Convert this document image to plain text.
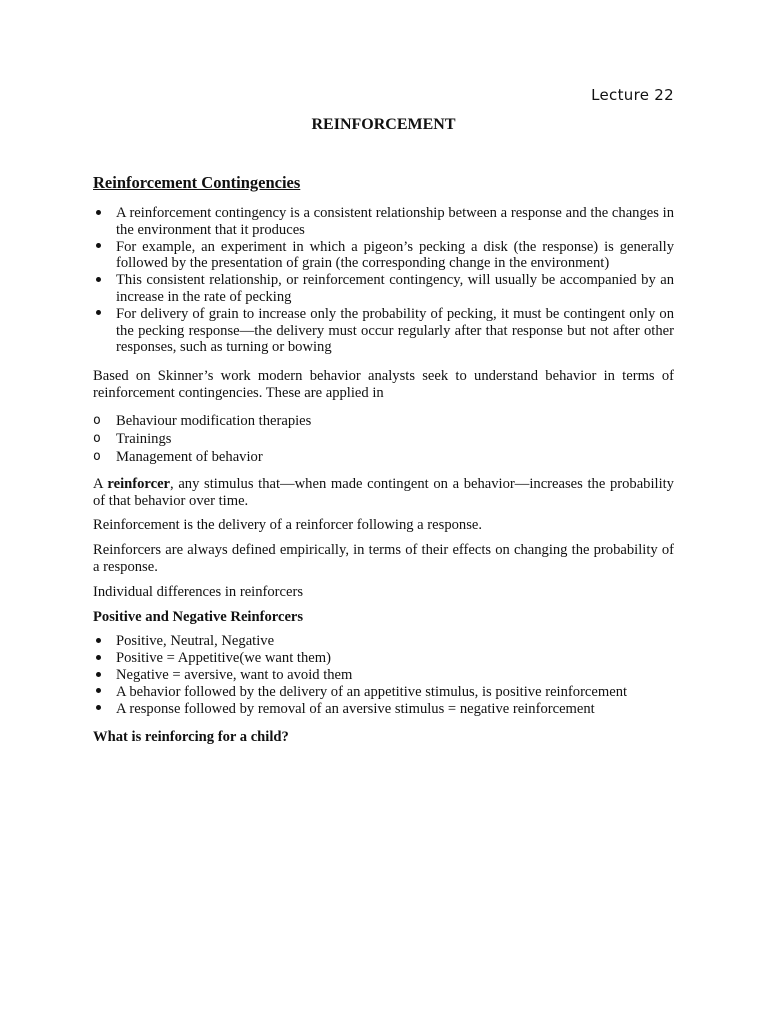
Lecture 22
REINFORCEMENT
Reinforcement Contingencies
A reinforcement contingency is a consistent relationship between a response and the changes in the environment that it produces
For example, an experiment in which a pigeon’s pecking a disk (the response) is generally followed by the presentation of grain (the corresponding change in the environment)
This consistent relationship, or reinforcement contingency, will usually be accompanied by an increase in the rate of pecking
For delivery of grain to increase only the probability of pecking, it must be contingent only on the pecking response—the delivery must occur regularly after that response but not after other responses, such as turning or bowing

Based on Skinner’s work modern behavior analysts seek to understand behavior in terms of reinforcement contingencies. These are applied in

o Behaviour modification therapies
o Trainings
o Management of behavior

A reinforcer, any stimulus that—when made contingent on a behavior—increases the probability of that behavior over time.

Reinforcement is the delivery of a reinforcer following a response.

Reinforcers are always defined empirically, in terms of their effects on changing the probability of a response.

Individual differences in reinforcers

Positive and Negative Reinforcers

Positive, Neutral, Negative
Positive = Appetitive(we want them)
Negative = aversive, want to avoid them
A behavior followed by the delivery of an appetitive stimulus, is positive reinforcement
A response followed by removal of an aversive stimulus = negative reinforcement

What is reinforcing for a child?
